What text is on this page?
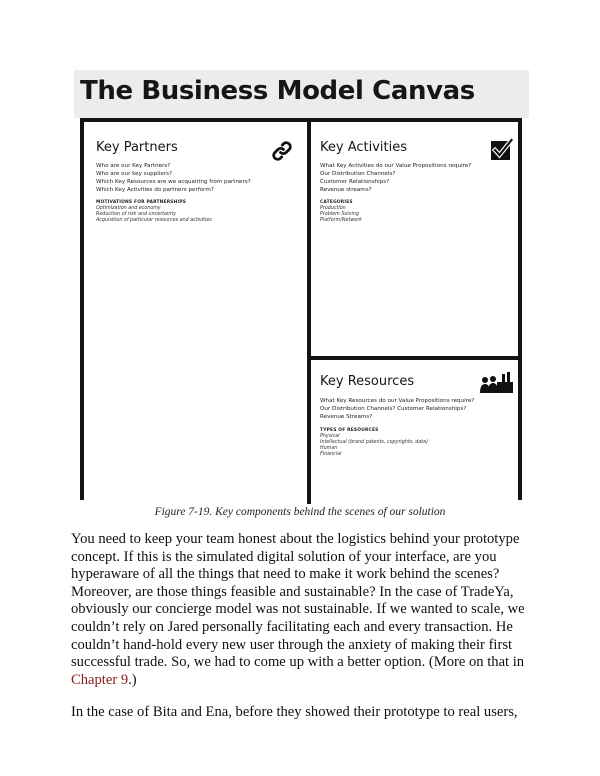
The Business Model Canvas
Key Partners
Who are our Key Partners?
Who are our key suppliers?
Which Key Resources are we acquairing from partners?
Which Key Activities do partners perform?
MOTIVATIONS FOR PARTNERSHIPS
Optimization and economy
Reduction of risk and uncertainty
Acquisition of particular resources and activities
Key Activities
What Key Activities do our Value Propositions require?
Our Distribution Channels?
Customer Relationships?
Revenue streams?
CATEGORIES
Production
Problem Solving
Platform/Network
Key Resources
What Key Resources do our Value Propositions require?
Our Distribution Channels? Customer Relationships?
Revenue Streams?
TYPES OF RESOURCES
Physical
Intellectual (brand patents, copyrights, data)
Human
Financial

Figure 7-19. Key components behind the scenes of our solution

You need to keep your team honest about the logistics behind your prototype concept. If this is the simulated digital solution of your interface, are you hyperaware of all the things that need to make it work behind the scenes? Moreover, are those things feasible and sustainable? In the case of TradeYa, obviously our concierge model was not sustainable. If we wanted to scale, we couldn’t rely on Jared personally facilitating each and every transaction. He couldn’t hand-hold every new user through the anxiety of making their first successful trade. So, we had to come up with a better option. (More on that in Chapter 9.)

In the case of Bita and Ena, before they showed their prototype to real users,
